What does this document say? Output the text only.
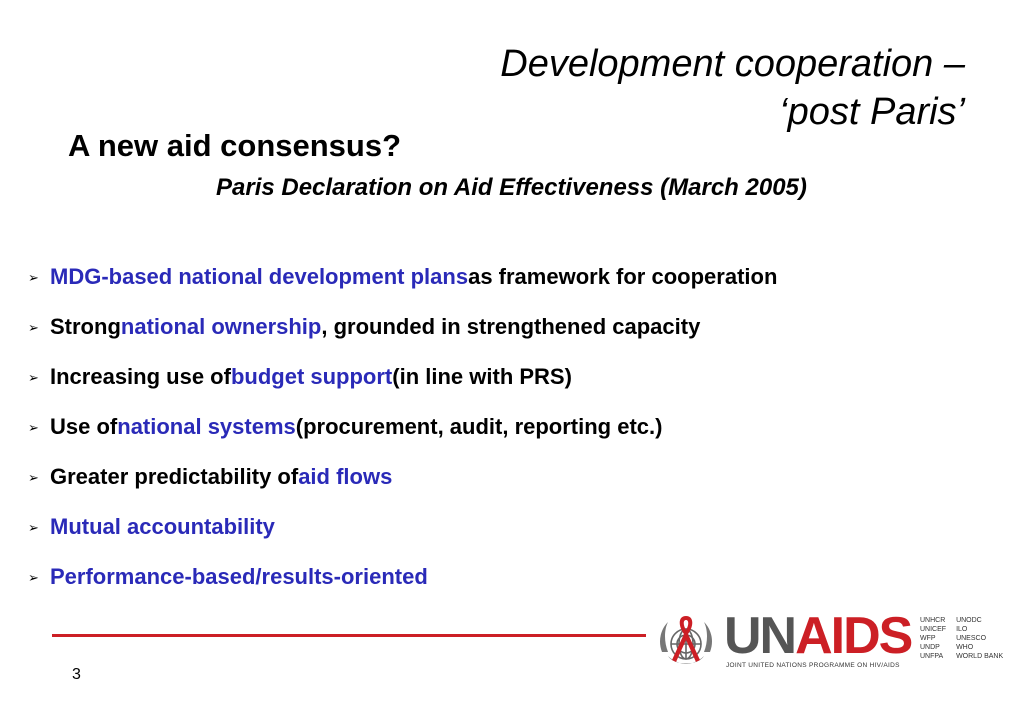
Development cooperation –
‘post Paris’
A new aid consensus?
Paris Declaration on Aid Effectiveness (March 2005)
➢ MDG-based national development plans as framework for cooperation
➢ Strong national ownership , grounded in strengthened capacity
➢ Increasing use of budget support (in line with PRS)
➢ Use of national systems (procurement, audit, reporting etc.)
➢ Greater predictability of aid flows
➢ Mutual accountability
➢ Performance-based/results-oriented
3
UNAIDS
JOINT UNITED NATIONS PROGRAMME ON HIV/AIDS
UNHCR
UNICEF
WFP
UNDP
UNFPA
UNODC
ILO
UNESCO
WHO
WORLD BANK
